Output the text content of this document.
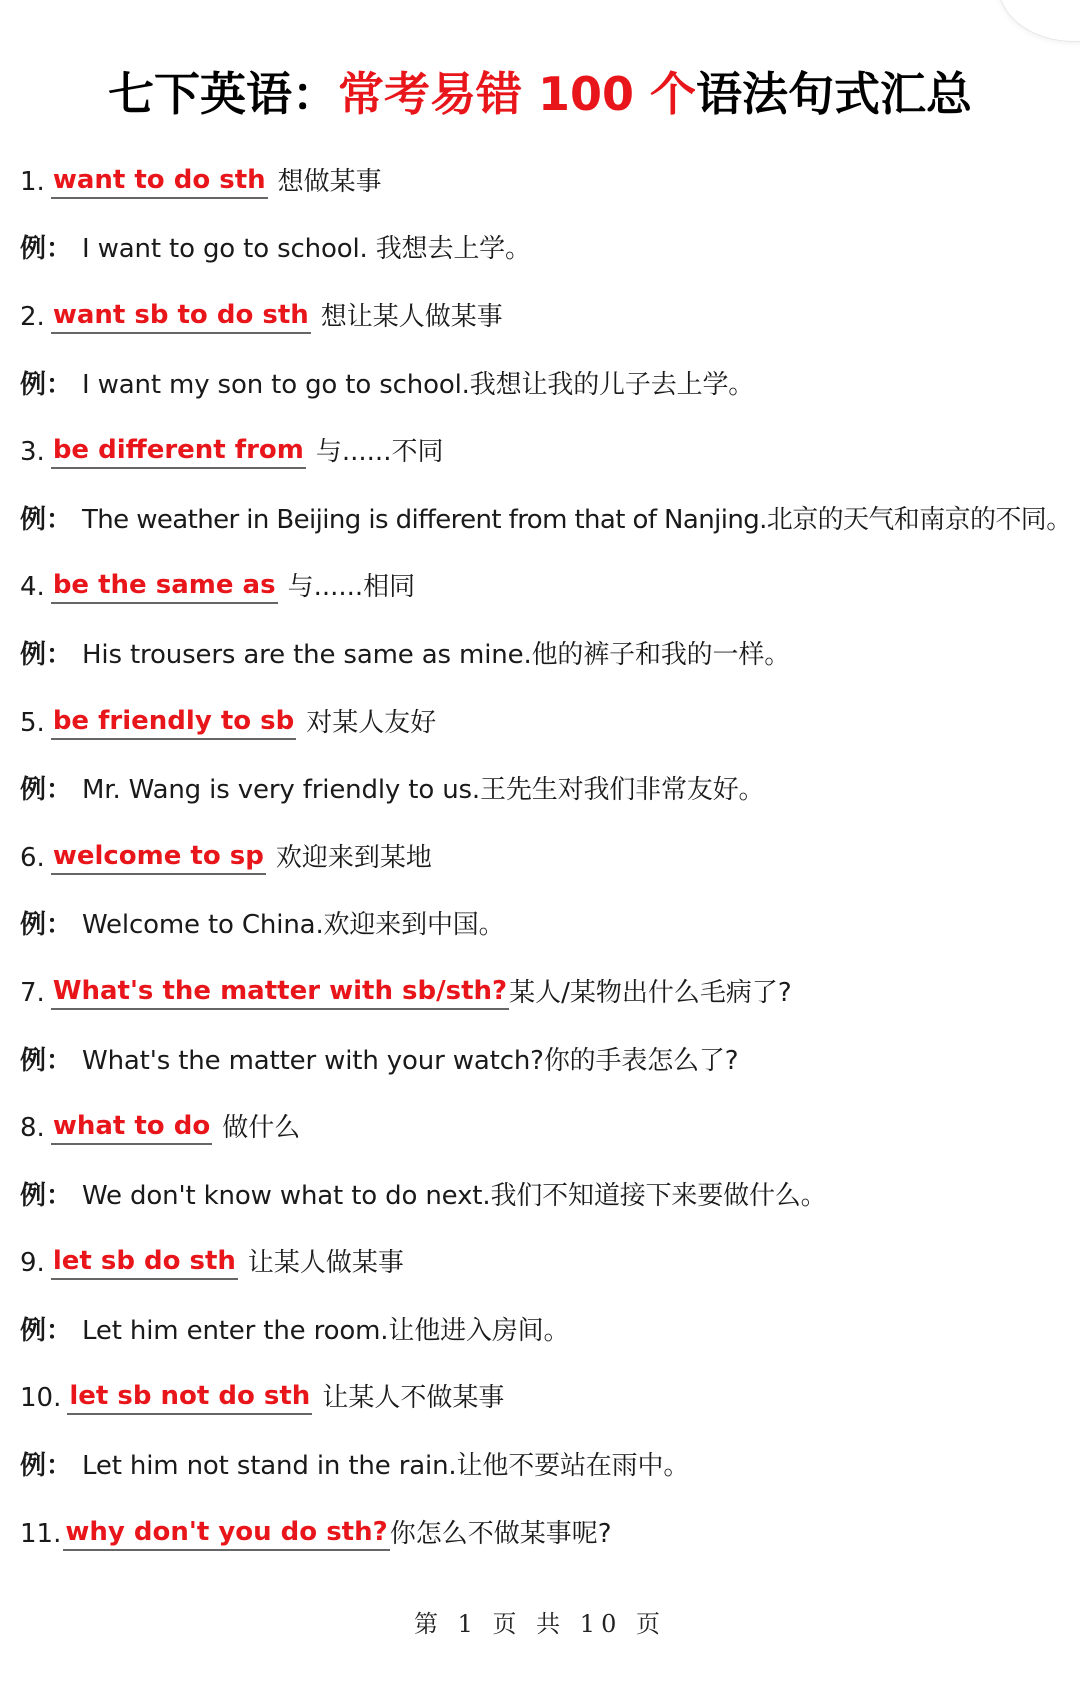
七下英语：常考易错 100 个语法句式汇总
1. want to do sth 想做某事
例： I want to go to school. 我想去上学。
2. want sb to do sth 想让某人做某事
例： I want my son to go to school.我想让我的儿子去上学。
3. be different from 与......不同
例： The weather in Beijing is different from that of Nanjing.北京的天气和南京的不同。
4. be the same as 与......相同
例： His trousers are the same as mine.他的裤子和我的一样。
5. be friendly to sb 对某人友好
例： Mr. Wang is very friendly to us.王先生对我们非常友好。
6. welcome to sp 欢迎来到某地
例： Welcome to China.欢迎来到中国。
7. What's the matter with sb/sth? 某人/某物出什么毛病了?
例： What's the matter with your watch?你的手表怎么了?
8. what to do 做什么
例： We don't know what to do next.我们不知道接下来要做什么。
9. let sb do sth 让某人做某事
例： Let him enter the room.让他进入房间。
10. let sb not do sth 让某人不做某事
例： Let him not stand in the rain.让他不要站在雨中。
11. why don't you do sth? 你怎么不做某事呢?
第 1 页 共 10 页
